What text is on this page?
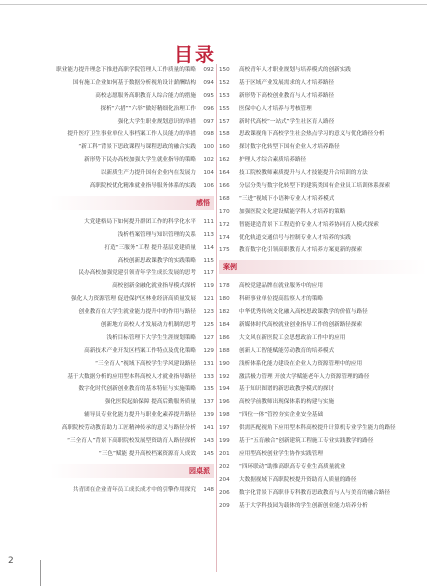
目录
职业能力提升理念下推进高职学院管理人工作质量的策略	092
国有施工企业如何基于数据分析视角设计薪酬结构	094
高校志愿服务高职教育人综合能力的措施	095
探析“六措”“六举”做好精细化治理工作	096
强化大学生职业规划意识的举措	097
提升医疗卫生事业单位人事档案工作人员能力的举措	098
“新工科”背景下思政课程与课程思政的融合实践	100
新形势下民办高校加强大学生就业指导的策略	102
以新质生产力提升国有企业内在发展力	104
高职院校优化精准就业指导服务体系的实践	106
感悟
大党建格局下如何提升群团工作的科学化水平	111
浅析档案管理与知识管理的关系	113
打造“三服务”工程 提升基层党建质量	114
高校创新思政课教学的实践策略	115
民办高校加强党建引领青年学生成长发展的思考	117
高校创新金融化就业指导模式探析	119
强化人力资源管理 促进保护区林业经济高质量发展	121
创业教育在大学生就业能力提升中的作用与路径	123
创新地方高校人才发展动力机制的思考	125
浅析目标管理下大学生生涯规划策略	127
高新技术产业开发区档案工作特点及优化策略	129
“三全育人”视域下高校学生学风建设路径	131
基于大数据分析的应用型本科高校人才就业指导路径	133
数字化时代创新创业教育的基本特征与实施策略	135
强化医院起始保障 提高后勤服务质量	137
辅导员专业化能力提升与职业化素养提升路径	139
高职院校劳动教育助力工匠精神传承的意义与路径分析	141
“三全育人”背景下高职院校发展型资助育人路径探析	143
“三色”赋能 提升高校档案资源育人成效	145
园桌派
共青团在企业青年员工成长成才中的引擎作用探究	148
150	高校青年人才职业规划与培养模式的创新实践
152	基于区域产业发展需求的人才培养路径
153	新形势下高校创业教育与人才培养路径
155	医保中心人才培养与考核管理
157	新时代高校“一站式”学生社区育人路径
158	思政课视角下高校学生社会热点学习的意义与优化路径分析
160	探讨数字化转型下国有企业人才培养路径
162	护理人才综合素质培养路径
164	技工院校教师素质提升与人才技能提升合培训的方法
166	分层分类与数字化转型下的建筑类国有企业员工培训体系探索
168	“三进”视域下小语种专业人才培养模式
170	加强医院文化建设赋能学科人才培养的策略
172	智能建造背景下工程造价专业人才培养协同育人模式探索
174	优化轨道交通信号与控制专业人才培养的实践
175	教育数字化引领高职教育人才培养方案更新的探索
案例
178	高校党建品牌在就业服务中的应用
180	科研事业单位提高监察人才的策略
182	中华优秀传统文化融入高校思政课教学的价值与路径
184	新媒体时代高校就业创业指导工作的创新路径探索
186	大文风在新医院工会思想政治工作中的应用
188	创新人工智能赋能劳动教育的培养模式
190	浅析体系化能力建设在企业人力资源管理中的应用
192	激活极力管理 开放大学赋能老年人力资源管理的路径
194	基于知识图谱的新思政教学模式的探讨
196	高校学前教师出现保体系的构建与实施
198	“四位一体”管控夯实企业安全基础
197	供需匹配视角下应用型本科高校提升计算机专业学生能力的路径
199	基于“五育融合”创新建筑工程施工专业实践教学的路径
201	应用型高校创业学生协作实践管理
202	“四环联动”助推高职高专专业生高质量就业
204	大数据视域下高职院校提升资助育人质量的路径
206	数字化背景下高职非专科教育思政教育与人与美育的融合路径
209	基于大学科技园为载体的学生创新创业能力培养分析
2
